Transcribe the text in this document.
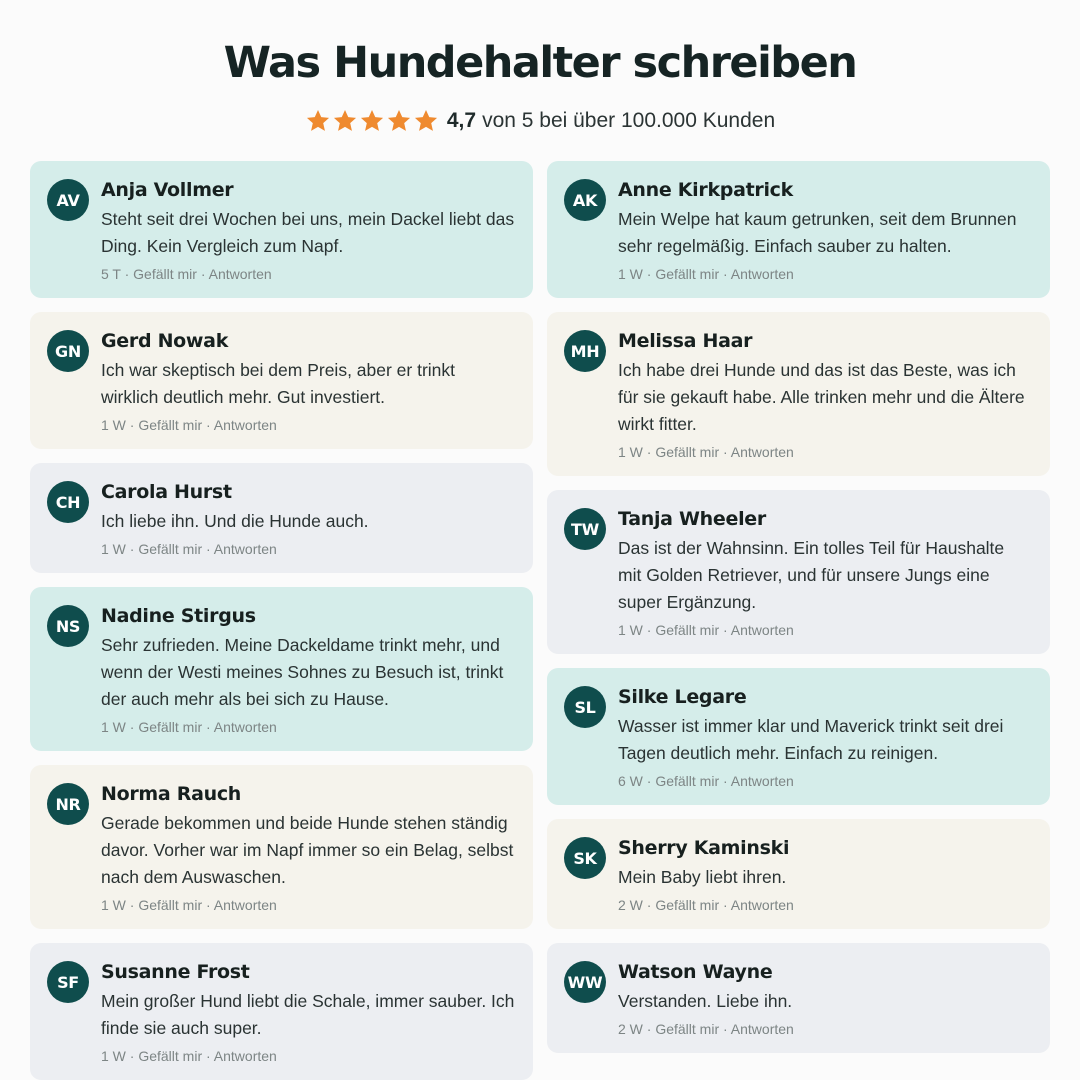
Was Hundehalter schreiben
4,7 von 5 bei über 100.000 Kunden
AV	Anja Vollmer
Steht seit drei Wochen bei uns, mein Dackel liebt das Ding. Kein Vergleich zum Napf.
5 T · Gefällt mir · Antworten
GN	Gerd Nowak
Ich war skeptisch bei dem Preis, aber er trinkt wirklich deutlich mehr. Gut investiert.
1 W · Gefällt mir · Antworten
CH	Carola Hurst
Ich liebe ihn. Und die Hunde auch.
1 W · Gefällt mir · Antworten
NS	Nadine Stirgus
Sehr zufrieden. Meine Dackeldame trinkt mehr, und wenn der Westi meines Sohnes zu Besuch ist, trinkt der auch mehr als bei sich zu Hause.
1 W · Gefällt mir · Antworten
NR	Norma Rauch
Gerade bekommen und beide Hunde stehen ständig davor. Vorher war im Napf immer so ein Belag, selbst nach dem Auswaschen.
1 W · Gefällt mir · Antworten
SF	Susanne Frost
Mein großer Hund liebt die Schale, immer sauber. Ich finde sie auch super.
1 W · Gefällt mir · Antworten
AK	Anne Kirkpatrick
Mein Welpe hat kaum getrunken, seit dem Brunnen sehr regelmäßig. Einfach sauber zu halten.
1 W · Gefällt mir · Antworten
MH Melissa Haar
Ich habe drei Hunde und das ist das Beste, was ich für sie gekauft habe. Alle trinken mehr und die Ältere wirkt fitter.
1 W · Gefällt mir · Antworten
TW	Tanja Wheeler
Das ist der Wahnsinn. Ein tolles Teil für Haushalte mit Golden Retriever, und für unsere Jungs eine super Ergänzung.
1 W · Gefällt mir · Antworten
SL	Silke Legare
Wasser ist immer klar und Maverick trinkt seit drei Tagen deutlich mehr. Einfach zu reinigen.
6 W · Gefällt mir · Antworten
SK	Sherry Kaminski
Mein Baby liebt ihren.
2 W · Gefällt mir · Antworten
WW Watson Wayne
Verstanden. Liebe ihn.
2 W · Gefällt mir · Antworten
